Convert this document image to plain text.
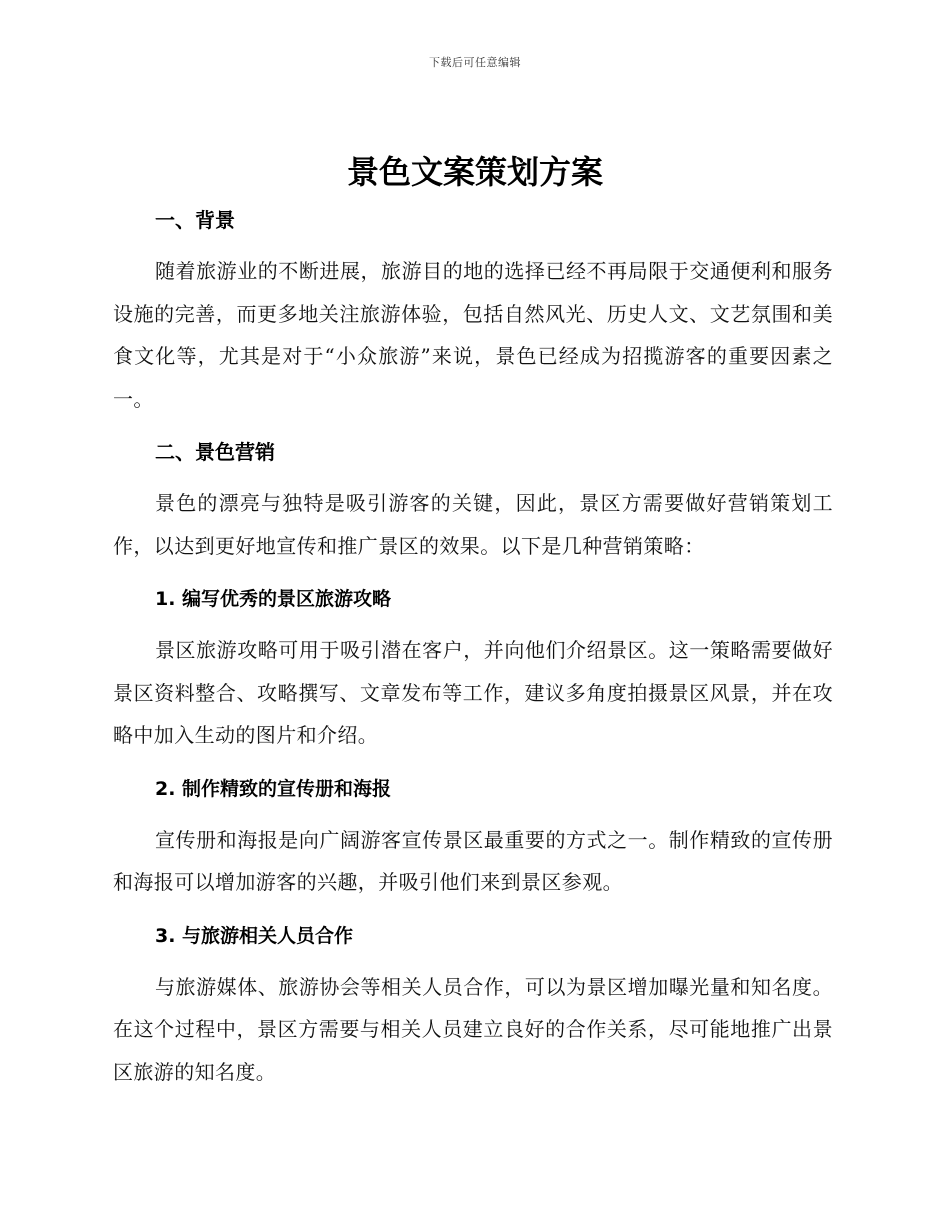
下载后可任意编辑
景色文案策划方案
一、背景

随着旅游业的不断进展，旅游目的地的选择已经不再局限于交通便利和服务设施的完善，而更多地关注旅游体验，包括自然风光、历史人文、文艺氛围和美食文化等，尤其是对于“小众旅游”来说，景色已经成为招揽游客的重要因素之一。

二、景色营销

景色的漂亮与独特是吸引游客的关键，因此，景区方需要做好营销策划工作，以达到更好地宣传和推广景区的效果。以下是几种营销策略：

1. 编写优秀的景区旅游攻略

景区旅游攻略可用于吸引潜在客户，并向他们介绍景区。这一策略需要做好景区资料整合、攻略撰写、文章发布等工作，建议多角度拍摄景区风景，并在攻略中加入生动的图片和介绍。

2. 制作精致的宣传册和海报

宣传册和海报是向广阔游客宣传景区最重要的方式之一。制作精致的宣传册和海报可以增加游客的兴趣，并吸引他们来到景区参观。

3. 与旅游相关人员合作

与旅游媒体、旅游协会等相关人员合作，可以为景区增加曝光量和知名度。在这个过程中，景区方需要与相关人员建立良好的合作关系，尽可能地推广出景区旅游的知名度。
